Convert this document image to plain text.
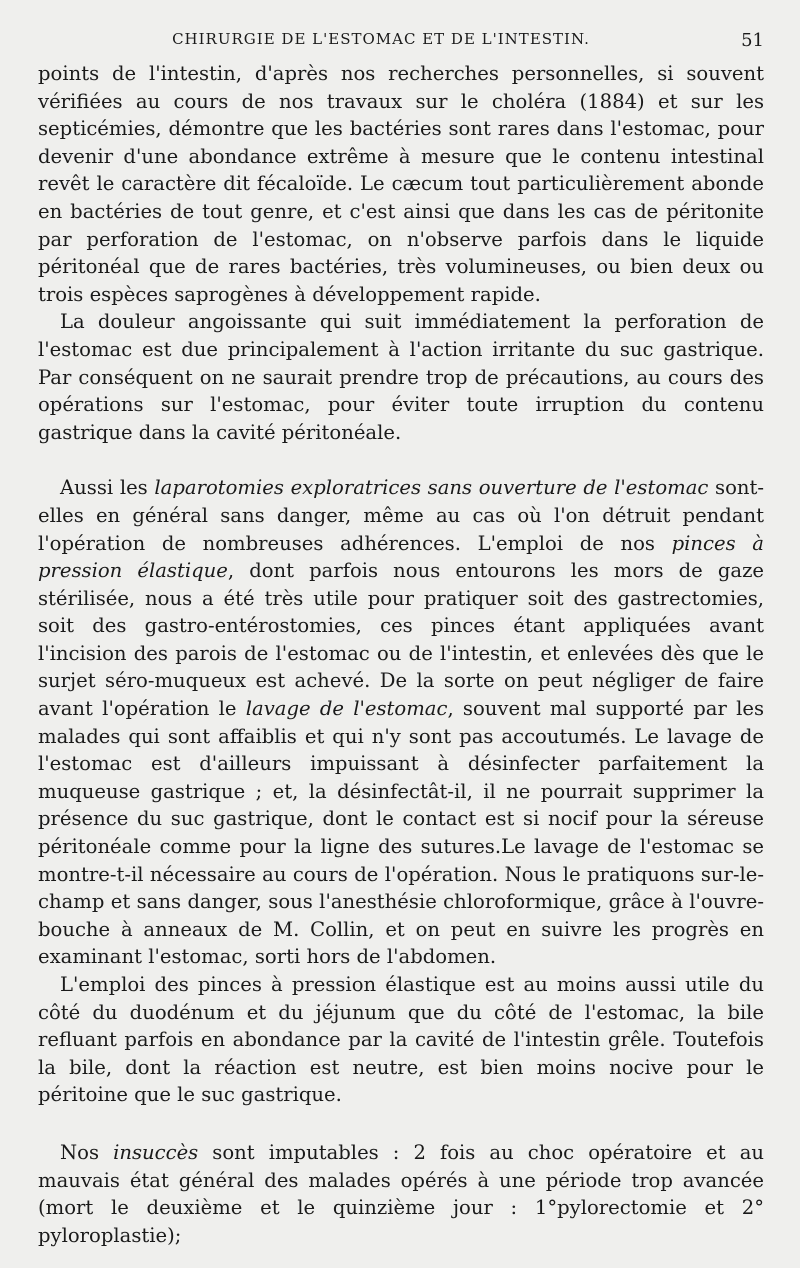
CHIRURGIE DE L'ESTOMAC ET DE L'INTESTIN.	51

points de l'intestin, d'après nos recherches personnelles, si souvent vérifiées au cours de nos travaux sur le choléra (1884) et sur les septicémies, démontre que les bactéries sont rares dans l'estomac, pour devenir d'une abondance extrême à mesure que le contenu intestinal revêt le caractère dit fécaloïde. Le cæcum tout particulièrement abonde en bactéries de tout genre, et c'est ainsi que dans les cas de péritonite par perforation de l'estomac, on n'observe parfois dans le liquide péritonéal que de rares bactéries, très volumineuses, ou bien deux ou trois espèces saprogènes à développement rapide.

La douleur angoissante qui suit immédiatement la perforation de l'estomac est due principalement à l'action irritante du suc gastrique. Par conséquent on ne saurait prendre trop de précautions, au cours des opérations sur l'estomac, pour éviter toute irruption du contenu gastrique dans la cavité péritonéale.

Aussi les laparotomies exploratrices sans ouverture de l'estomac sont-elles en général sans danger, même au cas où l'on détruit pendant l'opération de nombreuses adhérences. L'emploi de nos pinces à pression élastique, dont parfois nous entourons les mors de gaze stérilisée, nous a été très utile pour pratiquer soit des gastrectomies, soit des gastro-entérostomies, ces pinces étant appliquées avant l'incision des parois de l'estomac ou de l'intestin, et enlevées dès que le surjet séro-muqueux est achevé. De la sorte on peut négliger de faire avant l'opération le lavage de l'estomac, souvent mal supporté par les malades qui sont affaiblis et qui n'y sont pas accoutumés. Le lavage de l'estomac est d'ailleurs impuissant à désinfecter parfaitement la muqueuse gastrique ; et, la désinfectât-il, il ne pourrait supprimer la présence du suc gastrique, dont le contact est si nocif pour la séreuse péritonéale comme pour la ligne des sutures.Le lavage de l'estomac se montre-t-il nécessaire au cours de l'opération. Nous le pratiquons sur-le-champ et sans danger, sous l'anesthésie chloroformique, grâce à l'ouvre-bouche à anneaux de M. Collin, et on peut en suivre les progrès en examinant l'estomac, sorti hors de l'abdomen.

L'emploi des pinces à pression élastique est au moins aussi utile du côté du duodénum et du jéjunum que du côté de l'estomac, la bile refluant parfois en abondance par la cavité de l'intestin grêle. Toutefois la bile, dont la réaction est neutre, est bien moins nocive pour le péritoine que le suc gastrique.

Nos insuccès sont imputables : 2 fois au choc opératoire et au mauvais état général des malades opérés à une période trop avancée (mort le deuxième et le quinzième jour : 1°pylorectomie et 2° pyloroplastie);
